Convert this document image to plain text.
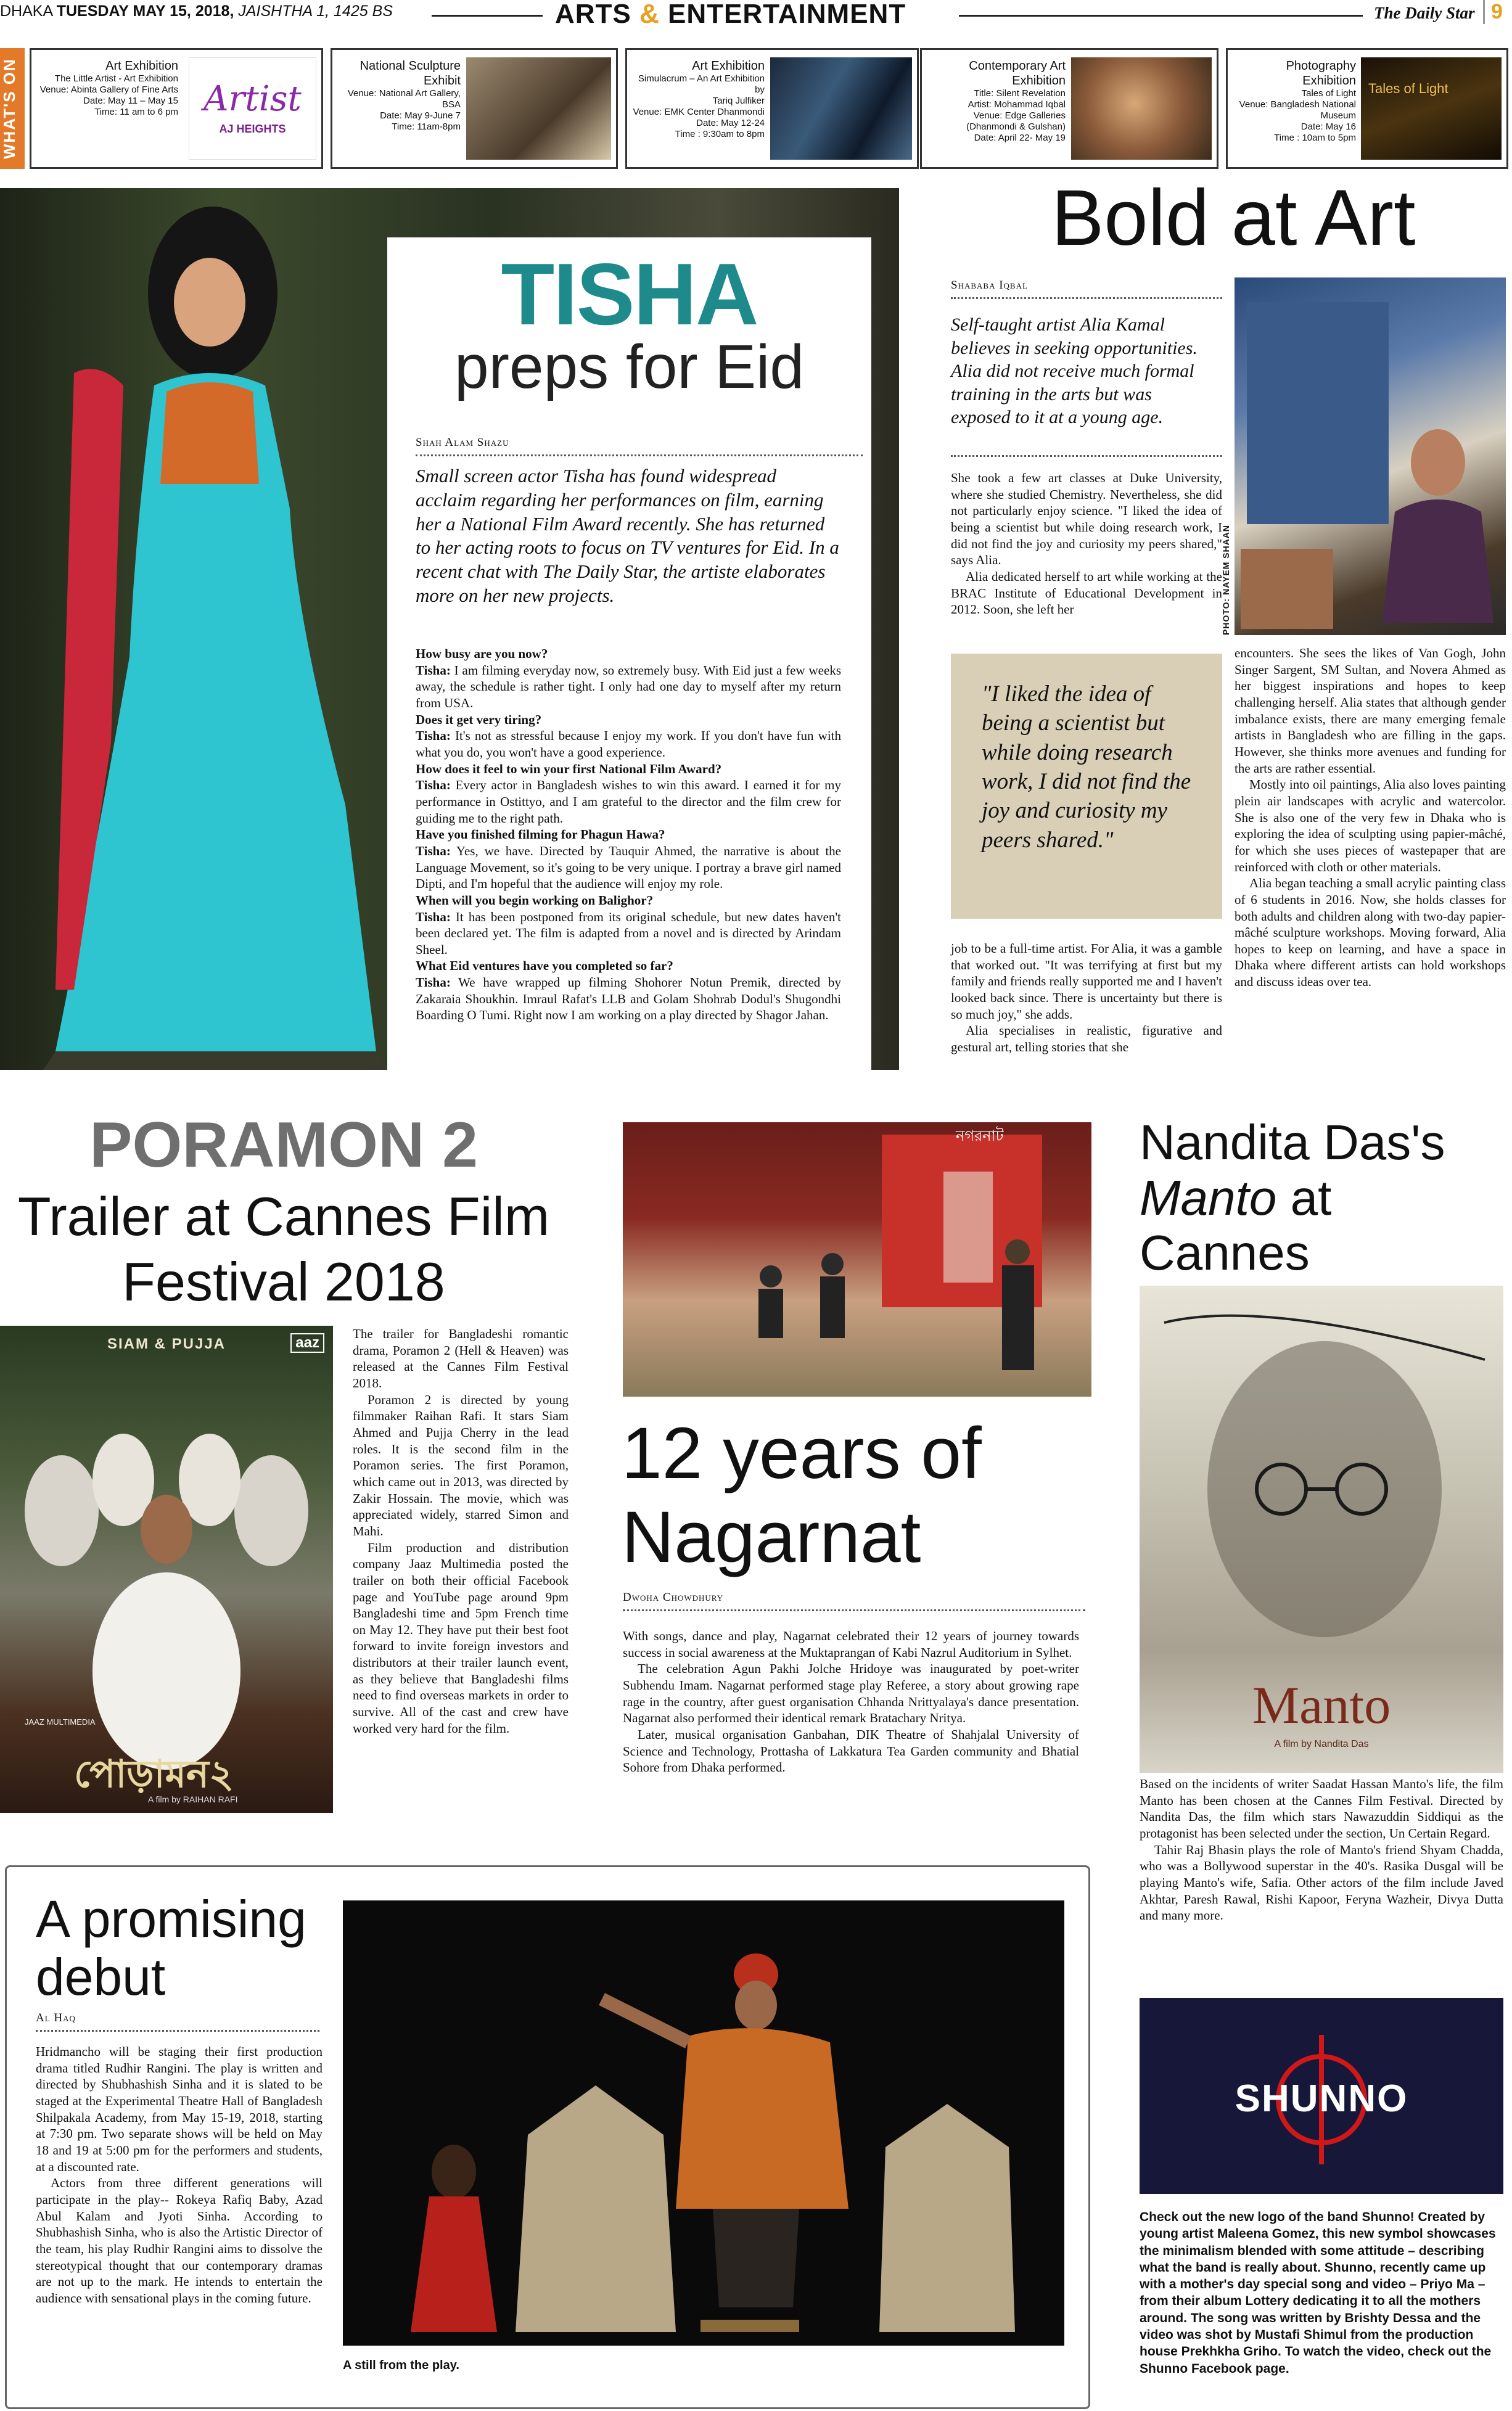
DHAKA TUESDAY MAY 15, 2018, JAISHTHA 1, 1425 BS	ARTS & ENTERTAINMENT	The Daily Star 9
WHAT'S ON	Art Exhibition
The Little Artist - Art Exhibition
Venue: Abinta Gallery of Fine Arts
Date: May 11 – May 15
Time: 11 am to 6 pm Artist
AJ HEIGHTS
National Sculpture Exhibit
Venue: National Art Gallery, BSA
Date: May 9-June 7
Time: 11am-8pm
Art Exhibition
Simulacrum – An Art Exhibition by
Tariq Julfiker
Venue: EMK Center Dhanmondi
Date: May 12-24
Time : 9:30am to 8pm
Contemporary Art Exhibition
Title: Silent Revelation
Artist: Mohammad Iqbal
Venue: Edge Galleries
(Dhanmondi & Gulshan)
Date: April 22- May 19
Photography Exhibition
Tales of Light
Venue: Bangladesh National
Museum
Date: May 16
Time : 10am to 5pm
Tales of Light
TISHA
preps for Eid
Shah Alam Shazu
Small screen actor Tisha has found widespread acclaim regarding her performances on film, earning her a National Film Award recently. She has returned to her acting roots to focus on TV ventures for Eid. In a recent chat with The Daily Star, the artiste elaborates more on her new projects.
How busy are you now?
Tisha: I am filming everyday now, so extremely busy. With Eid just a few weeks away, the schedule is rather tight. I only had one day to myself after my return from USA.
Does it get very tiring?
Tisha: It's not as stressful because I enjoy my work. If you don't have fun with what you do, you won't have a good experience.
How does it feel to win your first National Film Award?
Tisha: Every actor in Bangladesh wishes to win this award. I earned it for my performance in Ostittyo, and I am grateful to the director and the film crew for guiding me to the right path.
Have you finished filming for Phagun Hawa?
Tisha: Yes, we have. Directed by Tauquir Ahmed, the narrative is about the Language Movement, so it's going to be very unique. I portray a brave girl named Dipti, and I'm hopeful that the audience will enjoy my role.
When will you begin working on Balighor?
Tisha: It has been postponed from its original schedule, but new dates haven't been declared yet. The film is adapted from a novel and is directed by Arindam Sheel.
What Eid ventures have you completed so far?
Tisha: We have wrapped up filming Shohorer Notun Premik, directed by Zakaraia Shoukhin. Imraul Rafat's LLB and Golam Shohrab Dodul's Shugondhi Boarding O Tumi. Right now I am working on a play directed by Shagor Jahan.
Bold at Art
Shababa Iqbal
Self-taught artist Alia Kamal believes in seeking opportunities. Alia did not receive much formal training in the arts but was exposed to it at a young age.
PHOTO: NAYEM SHAAN

She took a few art classes at Duke University, where she studied Chemistry. Nevertheless, she did not particularly enjoy science. "I liked the idea of being a scientist but while doing research work, I did not find the joy and curiosity my peers shared," says Alia.

Alia dedicated herself to art while working at the BRAC Institute of Educational Development in 2012. Soon, she left her

"I liked the idea of being a scientist but while doing research work, I did not find the joy and curiosity my peers shared."

job to be a full-time artist. For Alia, it was a gamble that worked out. "It was terrifying at first but my family and friends really supported me and I haven't looked back since. There is uncertainty but there is so much joy," she adds.

Alia specialises in realistic, figurative and gestural art, telling stories that she

encounters. She sees the likes of Van Gogh, John Singer Sargent, SM Sultan, and Novera Ahmed as her biggest inspirations and hopes to keep challenging herself. Alia states that although gender imbalance exists, there are many emerging female artists in Bangladesh who are filling in the gaps. However, she thinks more avenues and funding for the arts are rather essential.

Mostly into oil paintings, Alia also loves painting plein air landscapes with acrylic and watercolor. She is also one of the very few in Dhaka who is exploring the idea of sculpting using papier-mâché, for which she uses pieces of wastepaper that are reinforced with cloth or other materials.

Alia began teaching a small acrylic painting class of 6 students in 2016. Now, she holds classes for both adults and children along with two-day papier-mâché sculpture workshops. Moving forward, Alia hopes to keep on learning, and have a space in Dhaka where different artists can hold workshops and discuss ideas over tea.

PORAMON 2
Trailer at Cannes Film Festival 2018
SIAM & PUJJA	aaz
JAAZ MULTIMEDIA
পোড়ামন২
A film by RAIHAN RAFI

The trailer for Bangladeshi romantic drama, Poramon 2 (Hell & Heaven) was released at the Cannes Film Festival 2018.

Poramon 2 is directed by young filmmaker Raihan Rafi. It stars Siam Ahmed and Pujja Cherry in the lead roles. It is the second film in the Poramon series. The first Poramon, which came out in 2013, was directed by Zakir Hossain. The movie, which was appreciated widely, starred Simon and Mahi.

Film production and distribution company Jaaz Multimedia posted the trailer on both their official Facebook page and YouTube page around 9pm Bangladeshi time and 5pm French time on May 12. They have put their best foot forward to invite foreign investors and distributors at their trailer launch event, as they believe that Bangladeshi films need to find overseas markets in order to survive. All of the cast and crew have worked very hard for the film.

নগরনাট
12 years of Nagarnat
Dwoha Chowdhury

With songs, dance and play, Nagarnat celebrated their 12 years of journey towards success in social awareness at the Muktaprangan of Kabi Nazrul Auditorium in Sylhet.

The celebration Agun Pakhi Jolche Hridoye was inaugurated by poet-writer Subhendu Imam. Nagarnat performed stage play Referee, a story about growing rape rage in the country, after guest organisation Chhanda Nrittyalaya's dance presentation. Nagarnat also performed their identical remark Bratachary Nritya.

Later, musical organisation Ganbahan, DIK Theatre of Shahjalal University of Science and Technology, Prottasha of Lakkatura Tea Garden community and Bhatial Sohore from Dhaka performed.

Nandita Das's
Manto at Cannes
Manto
A film by Nandita Das

Based on the incidents of writer Saadat Hassan Manto's life, the film Manto has been chosen at the Cannes Film Festival. Directed by Nandita Das, the film which stars Nawazuddin Siddiqui as the protagonist has been selected under the section, Un Certain Regard.

Tahir Raj Bhasin plays the role of Manto's friend Shyam Chadda, who was a Bollywood superstar in the 40's. Rasika Dusgal will be playing Manto's wife, Safia. Other actors of the film include Javed Akhtar, Paresh Rawal, Rishi Kapoor, Feryna Wazheir, Divya Dutta and many more.

A promising
debut
Al Haq

Hridmancho will be staging their first production drama titled Rudhir Rangini. The play is written and directed by Shubhashish Sinha and it is slated to be staged at the Experimental Theatre Hall of Bangladesh Shilpakala Academy, from May 15-19, 2018, starting at 7:30 pm. Two separate shows will be held on May 18 and 19 at 5:00 pm for the performers and students, at a discounted rate.

Actors from three different generations will participate in the play-- Rokeya Rafiq Baby, Azad Abul Kalam and Jyoti Sinha. According to Shubhashish Sinha, who is also the Artistic Director of the team, his play Rudhir Rangini aims to dissolve the stereotypical thought that our contemporary dramas are not up to the mark. He intends to entertain the audience with sensational plays in the coming future.

A still from the play.
SHUNNO
Check out the new logo of the band Shunno! Created by young artist Maleena Gomez, this new symbol showcases the minimalism blended with some attitude – describing what the band is really about. Shunno, recently came up with a mother's day special song and video – Priyo Ma – from their album Lottery dedicating it to all the mothers around. The song was written by Brishty Dessa and the video was shot by Mustafi Shimul from the production house Prekhkha Griho. To watch the video, check out the Shunno Facebook page.
